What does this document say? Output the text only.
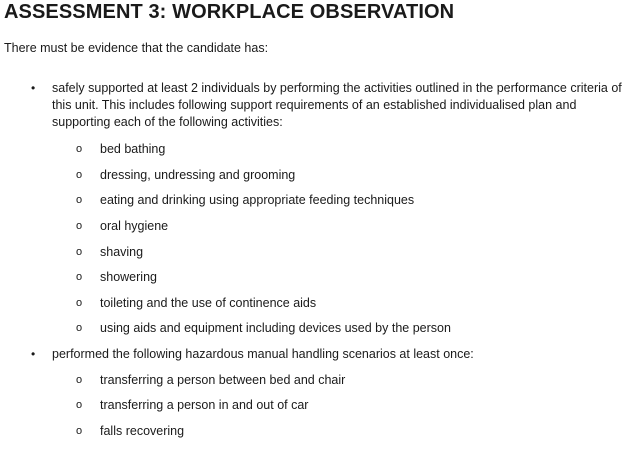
ASSESSMENT 3: WORKPLACE OBSERVATION

There must be evidence that the candidate has:

• safely supported at least 2 individuals by performing the activities outlined in the performance criteria of this unit. This includes following support requirements of an established individualised plan and supporting each of the following activities:
o bed bathing
o dressing, undressing and grooming
o eating and drinking using appropriate feeding techniques
o oral hygiene
o shaving
o showering
o toileting and the use of continence aids
o using aids and equipment including devices used by the person
• performed the following hazardous manual handling scenarios at least once:
o transferring a person between bed and chair
o transferring a person in and out of car
o falls recovering
